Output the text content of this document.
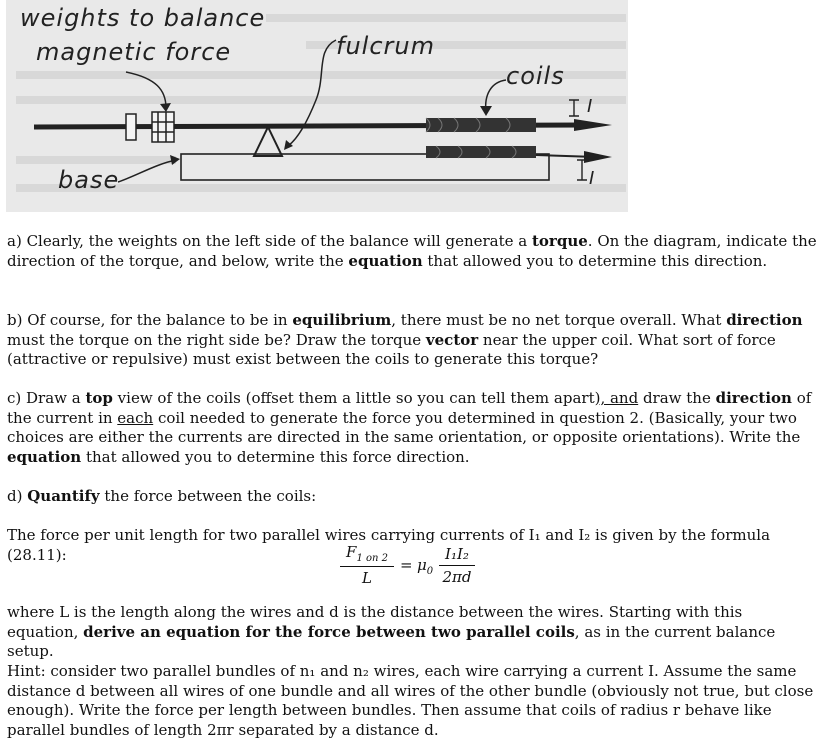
weights to balance
magnetic force	fulcrum
coils
base
I
I
a) Clearly, the weights on the left side of the balance will generate a torque. On the diagram, indicate the direction of the torque, and below, write the equation that allowed you to determine this direction.
b) Of course, for the balance to be in equilibrium, there must be no net torque overall. What direction must the torque on the right side be? Draw the torque vector near the upper coil. What sort of force (attractive or repulsive) must exist between the coils to generate this torque?
c) Draw a top view of the coils (offset them a little so you can tell them apart), and draw the direction of the current in each coil needed to generate the force you determined in question 2. (Basically, your two choices are either the currents are directed in the same orientation, or opposite orientations). Write the equation that allowed you to determine this force direction.
d) Quantify the force between the coils:
The force per unit length for two parallel wires carrying currents of I₁ and I₂ is given by the formula (28.11):	$\frac{F_{1 on 2}}{L} = \mu_0 \frac{\text{I₁I₂}}{2\pi d}$
where L is the length along the wires and d is the distance between the wires. Starting with this equation, derive an equation for the force between two parallel coils, as in the current balance setup.
Hint: consider two parallel bundles of n₁ and n₂ wires, each wire carrying a current I. Assume the same distance d between all wires of one bundle and all wires of the other bundle (obviously not true, but close enough). Write the force per length between bundles. Then assume that coils of radius r behave like parallel bundles of length 2πr separated by a distance d.
